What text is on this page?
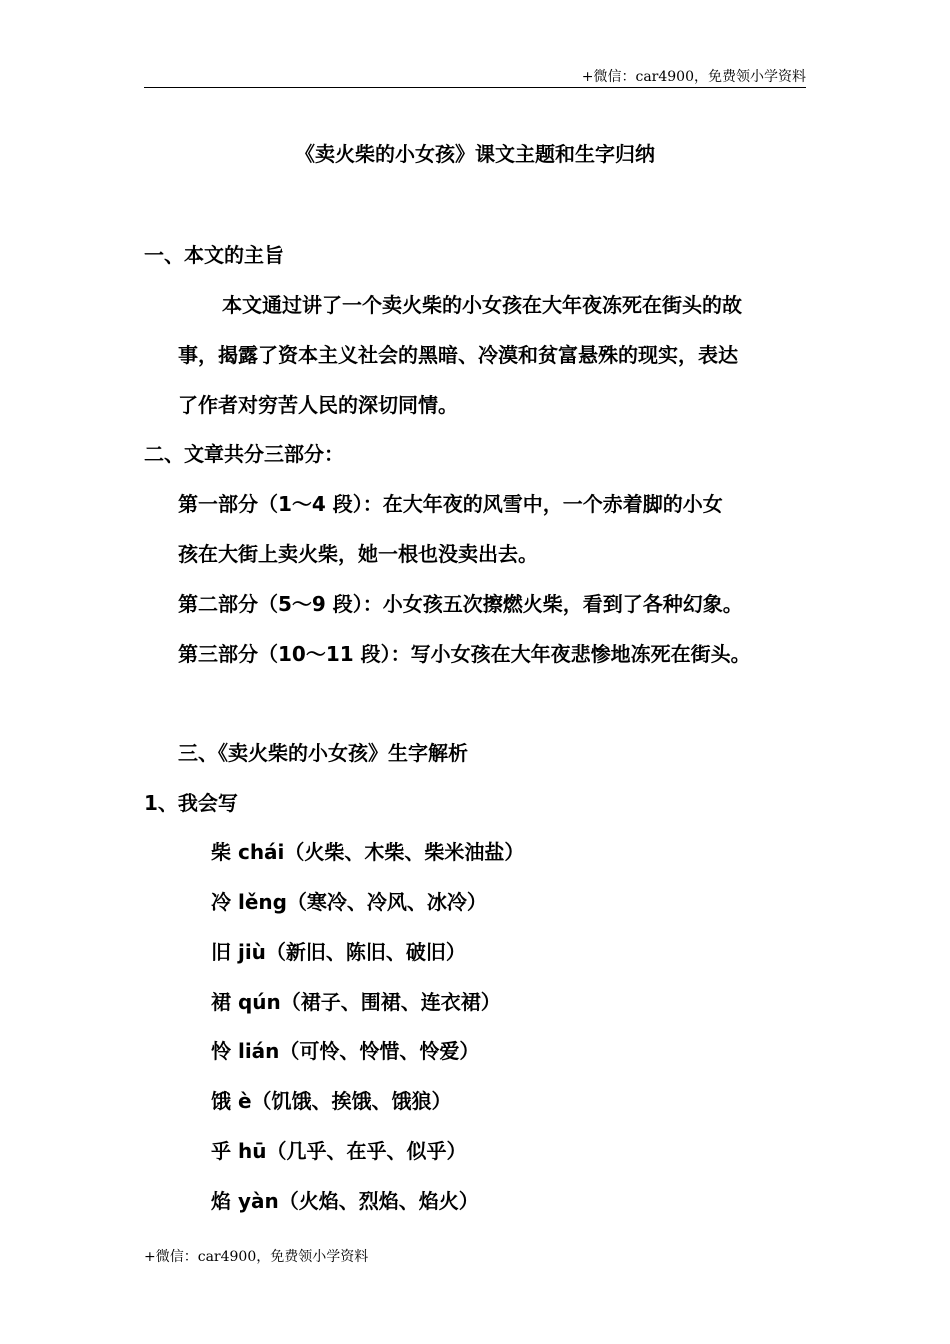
+微信：car4900，免费领小学资料
《卖火柴的小女孩》课文主题和生字归纳
一、本文的主旨
本文通过讲了一个卖火柴的小女孩在大年夜冻死在街头的故
事，揭露了资本主义社会的黑暗、冷漠和贫富悬殊的现实，表达
了作者对穷苦人民的深切同情。
二、文章共分三部分：
第一部分（1～4 段）：在大年夜的风雪中，一个赤着脚的小女
孩在大街上卖火柴，她一根也没卖出去。
第二部分（5～9 段）：小女孩五次擦燃火柴，看到了各种幻象。
第三部分（10～11 段）：写小女孩在大年夜悲惨地冻死在街头。
三、《卖火柴的小女孩》生字解析
1、我会写
柴 chái（火柴、木柴、柴米油盐）
冷 lěng（寒冷、冷风、冰冷）
旧 jiù（新旧、陈旧、破旧）
裙 qún（裙子、围裙、连衣裙）
怜 lián（可怜、怜惜、怜爱）
饿 è（饥饿、挨饿、饿狼）
乎 hū（几乎、在乎、似乎）
焰 yàn（火焰、烈焰、焰火）
+微信：car4900，免费领小学资料
